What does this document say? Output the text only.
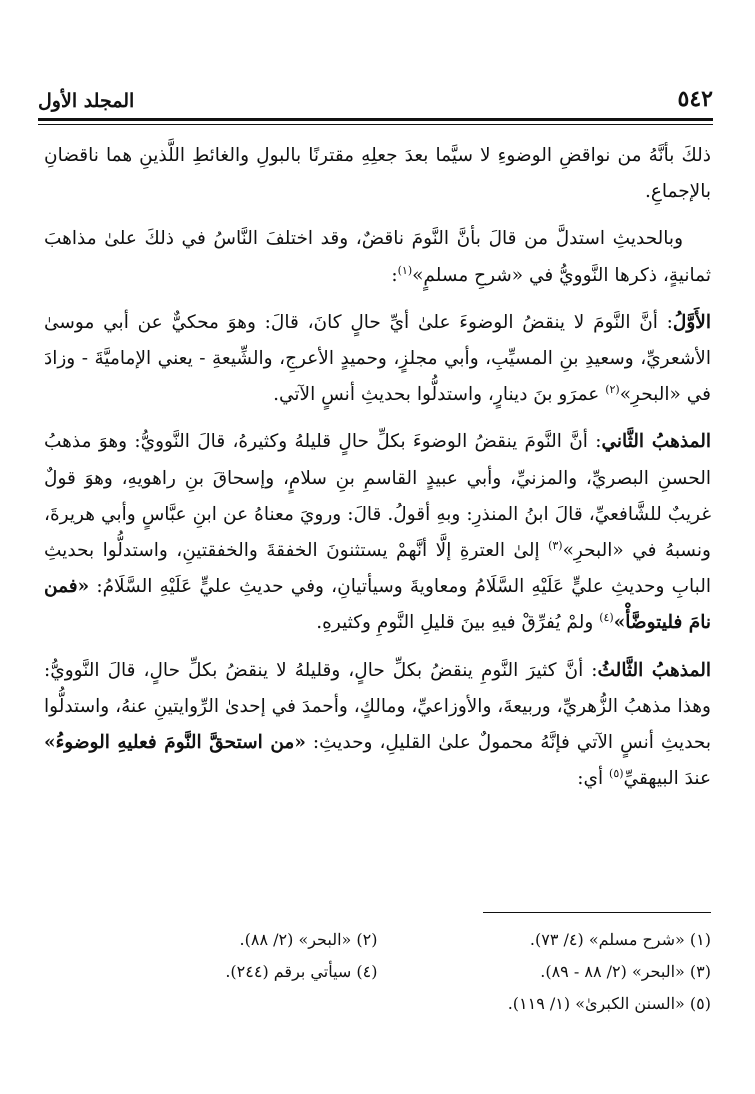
٥٤٢
المجلد الأول

ذلكَ بأنَّهُ من نواقضِ الوضوءِ لا سيَّما بعدَ جعلِهِ مقترنًا بالبولِ والغائطِ اللَّذينِ هما ناقضانِ بالإجماعِ.

وبالحديثِ استدلَّ من قالَ بأنَّ النَّومَ ناقضٌ، وقد اختلفَ النَّاسُ في ذلكَ علىٰ مذاهبَ ثمانيةٍ، ذكرها النَّوويُّ في «شرحِ مسلمٍ»$^{(١)}$:

الأَوَّلُ: أنَّ النَّومَ لا ينقضُ الوضوءَ علىٰ أيِّ حالٍ كانَ، قالَ: وهوَ محكيٌّ عن أبي موسىٰ الأشعريِّ، وسعيدِ بنِ المسيِّبِ، وأبي مجلزٍ، وحميدٍ الأعرجِ، والشِّيعةِ - يعني الإماميَّةَ - وزادَ في «البحرِ»$^{(٢)}$ عمرَو بنَ دينارٍ، واستدلُّوا بحديثِ أنسٍ الآتي.

المذهبُ الثَّاني: أنَّ النَّومَ ينقضُ الوضوءَ بكلِّ حالٍ قليلهُ وكثيرهُ، قالَ النَّوويُّ: وهوَ مذهبُ الحسنِ البصريِّ، والمزنيِّ، وأبي عبيدٍ القاسمِ بنِ سلامٍ، وإسحاقَ بنِ راهويهِ، وهوَ قولٌ غريبٌ للشَّافعيِّ، قالَ ابنُ المنذرِ: وبهِ أقولُ. قالَ: ورويَ معناهُ عن ابنِ عبَّاسٍ وأبي هريرةَ، ونسبهُ في «البحرِ»$^{(٣)}$ إلىٰ العترةِ إلَّا أنَّهمْ يستثنونَ الخفقةَ والخفقتينِ، واستدلُّوا بحديثِ البابِ وحديثِ عليٍّ عَلَيْهِ السَّلَامُ ومعاويةَ وسيأتيانِ، وفي حديثِ عليٍّ عَلَيْهِ السَّلَامُ: «فمن نامَ فليتوضَّأْ»$^{(٤)}$ ولمْ يُفرِّقْ فيهِ بينَ قليلِ النَّومِ وكثيرهِ.

المذهبُ الثَّالثُ: أنَّ كثيرَ النَّومِ ينقضُ بكلِّ حالٍ، وقليلهُ لا ينقضُ بكلِّ حالٍ، قالَ النَّوويُّ: وهذا مذهبُ الزُّهريِّ، وربيعةَ، والأوزاعيِّ، ومالكٍ، وأحمدَ في إحدىٰ الرِّوايتينِ عنهُ، واستدلُّوا بحديثِ أنسٍ الآتي فإنَّهُ محمولٌ علىٰ القليلِ، وحديثِ: «من استحقَّ النَّومَ فعليهِ الوضوءُ» عندَ البيهقيِّ$^{(٥)}$ أي:

(١) «شرح مسلم» (٤/ ٧٣).
(٢) «البحر» (٢/ ٨٨).
(٣) «البحر» (٢/ ٨٨ - ٨٩).
(٤) سيأتي برقم (٢٤٤).
(٥) «السنن الكبرىٰ» (١/ ١١٩).
